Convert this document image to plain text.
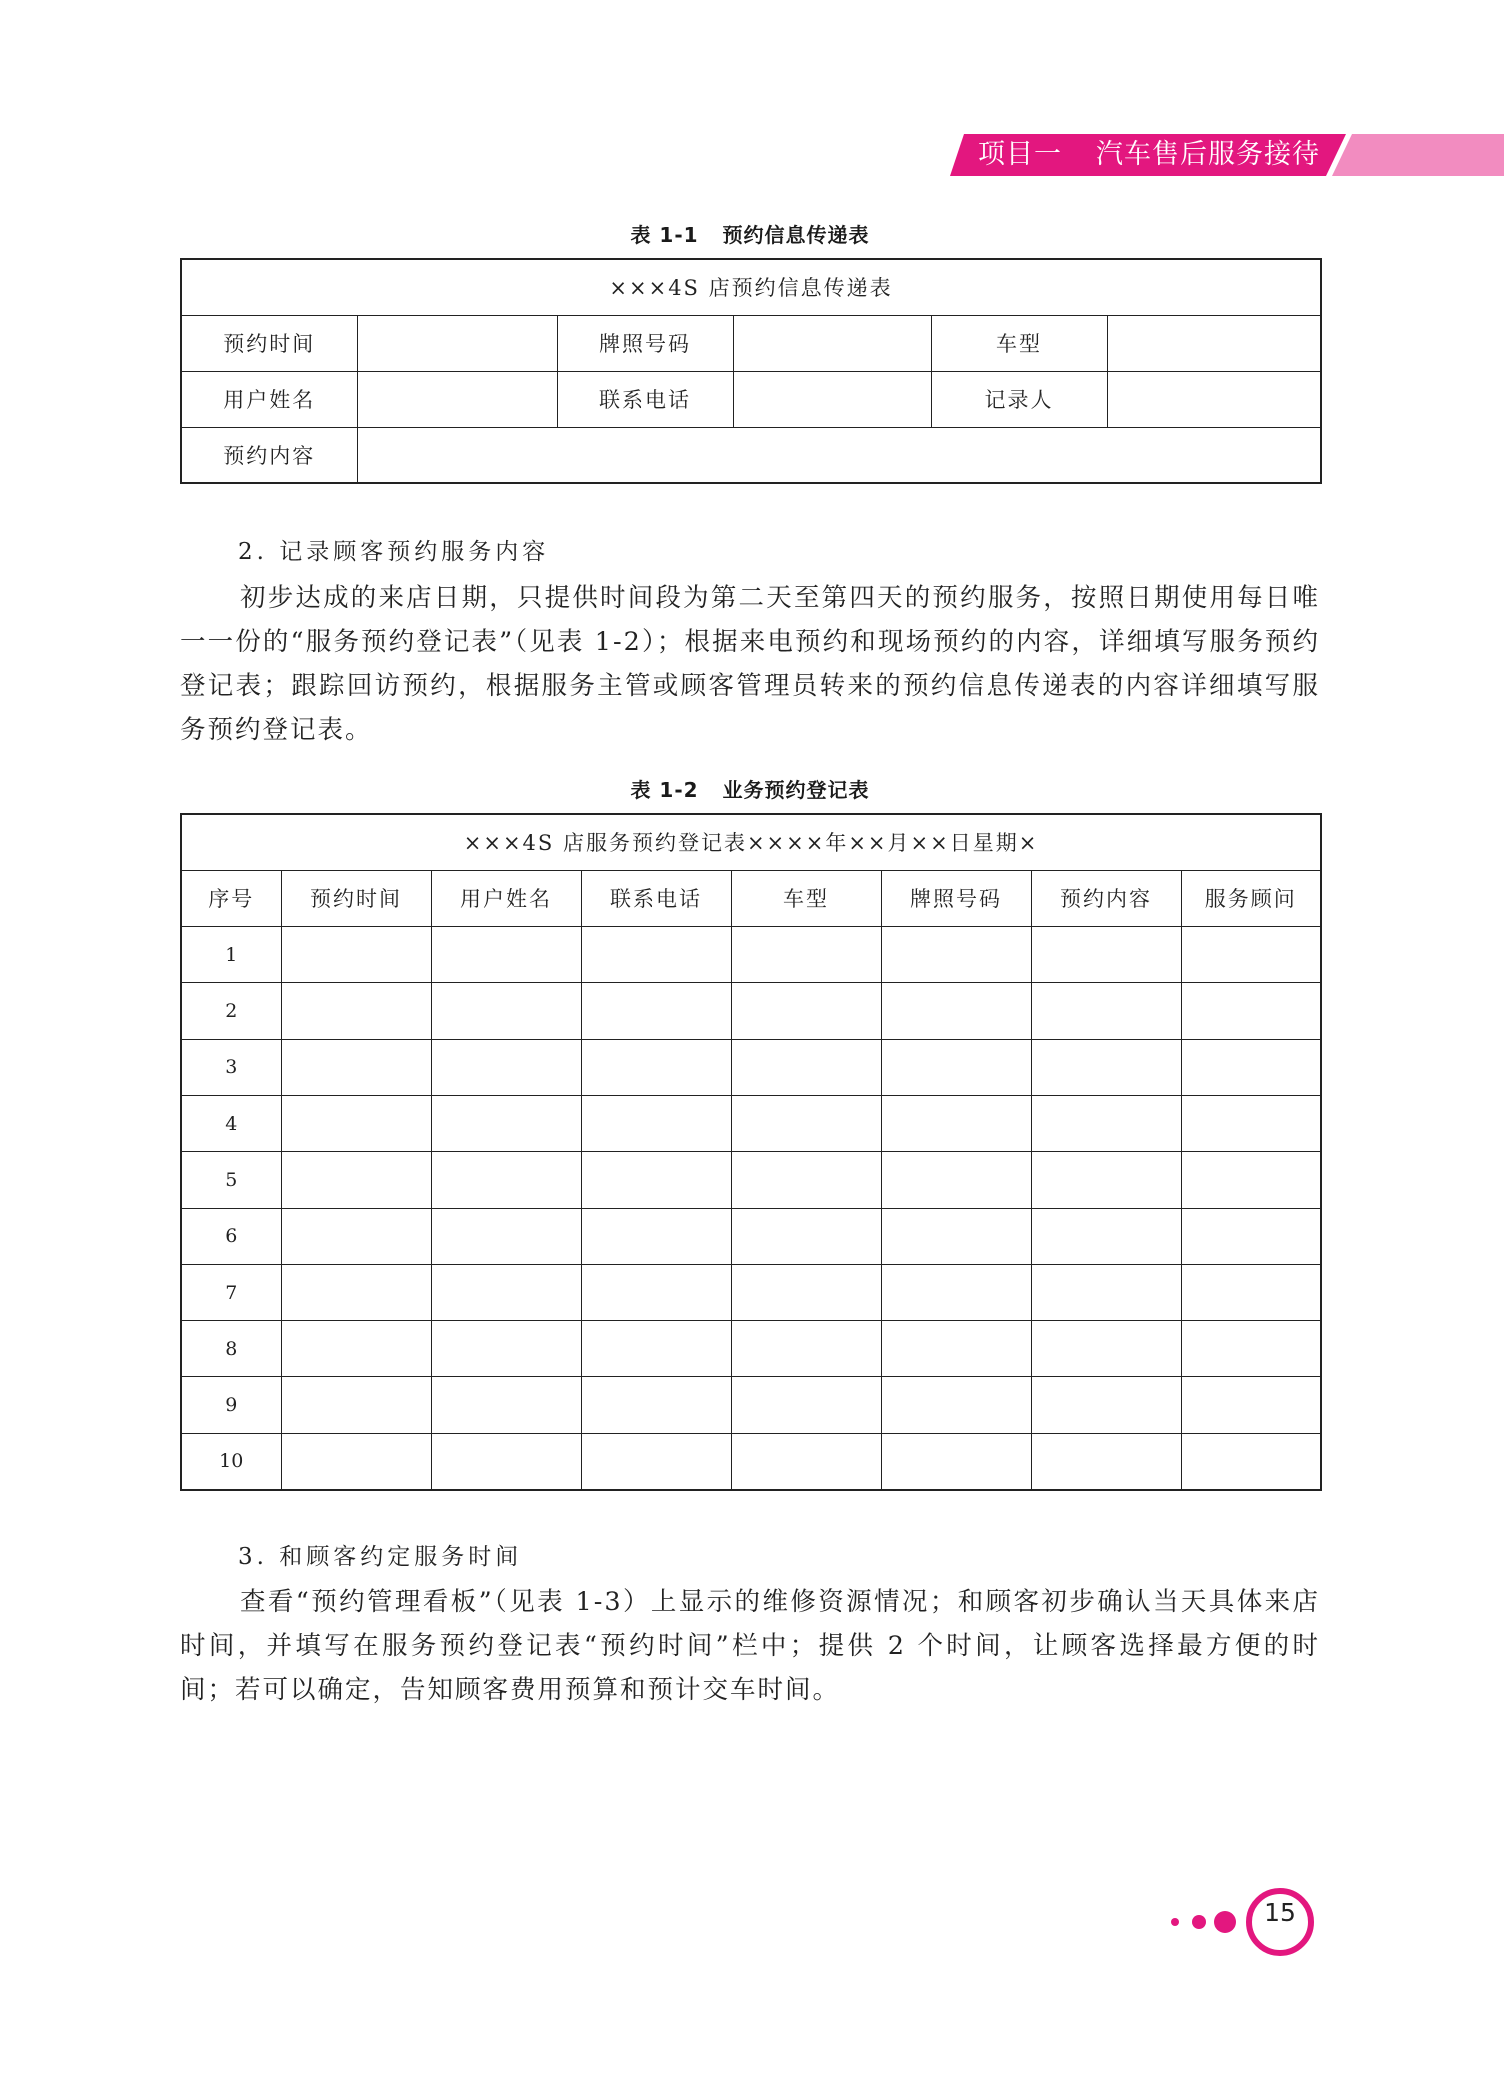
项目一 汽车售后服务接待
表 1-1 预约信息传递表
×××4S 店预约信息传递表					
预约时间		牌照号码		车型	
用户姓名		联系电话		记录人	
预约内容					
2. 记录顾客预约服务内容

初步达成的来店日期，只提供时间段为第二天至第四天的预约服务，按照日期使用每日唯一一份的“服务预约登记表”（见表 1-2）；根据来电预约和现场预约的内容，详细填写服务预约登记表；跟踪回访预约，根据服务主管或顾客管理员转来的预约信息传递表的内容详细填写服务预约登记表。

表 1-2 业务预约登记表
×××4S 店服务预约登记表××××年××月××日星期×							
序号	预约时间	用户姓名	联系电话	车型	牌照号码	预约内容	服务顾问
1							
2							
3							
4							
5							
6							
7							
8							
9							
10							
3. 和顾客约定服务时间

查看“预约管理看板”（见表 1-3）上显示的维修资源情况；和顾客初步确认当天具体来店时间，并填写在服务预约登记表“预约时间”栏中；提供 2 个时间，让顾客选择最方便的时间；若可以确定，告知顾客费用预算和预计交车时间。

15
